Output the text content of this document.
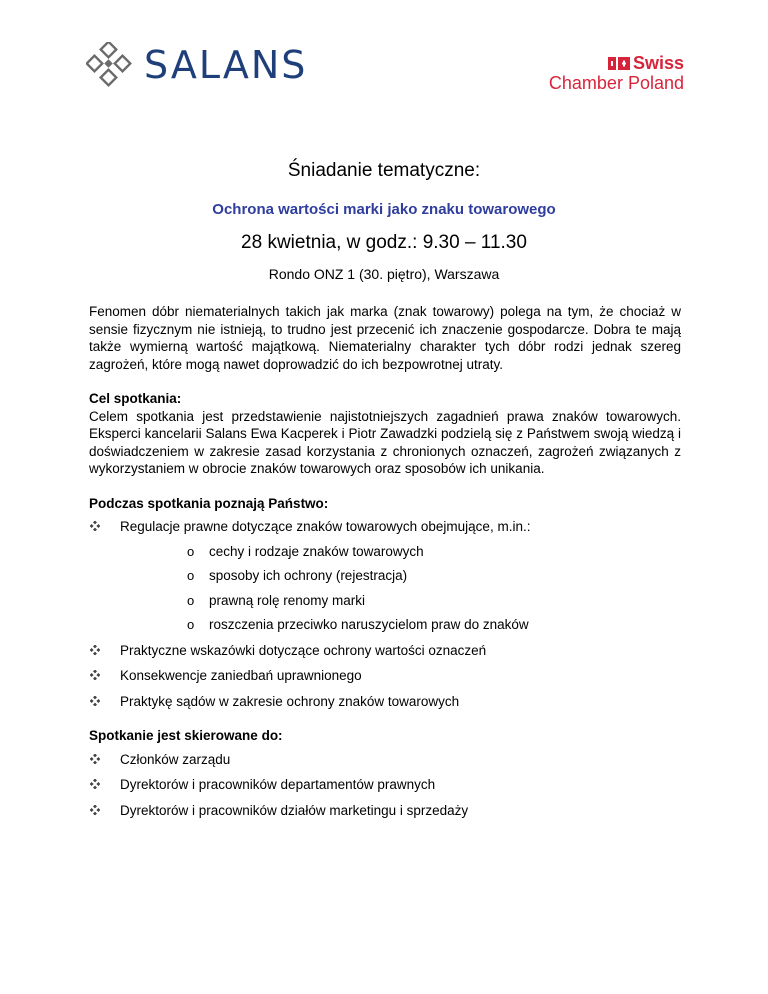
SALANS	Swiss
Chamber Poland
Śniadanie tematyczne:
Ochrona wartości marki jako znaku towarowego
28 kwietnia, w godz.: 9.30 – 11.30
Rondo ONZ 1 (30. piętro), Warszawa

Fenomen dóbr niematerialnych takich jak marka (znak towarowy) polega na tym, że chociaż w sensie fizycznym nie istnieją, to trudno jest przecenić ich znaczenie gospodarcze. Dobra te mają także wymierną wartość majątkową. Niematerialny charakter tych dóbr rodzi jednak szereg zagrożeń, które mogą nawet doprowadzić do ich bezpowrotnej utraty.

Cel spotkania:

Celem spotkania jest przedstawienie najistotniejszych zagadnień prawa znaków towarowych. Eksperci kancelarii Salans Ewa Kacperek i Piotr Zawadzki podzielą się z Państwem swoją wiedzą i doświadczeniem w zakresie zasad korzystania z chronionych oznaczeń, zagrożeń związanych z wykorzystaniem w obrocie znaków towarowych oraz sposobów ich unikania.

Podczas spotkania poznają Państwo:

Regulacje prawne dotyczące znaków towarowych obejmujące, m.in.:
o cechy i rodzaje znaków towarowych
o sposoby ich ochrony (rejestracja)
o prawną rolę renomy marki
o roszczenia przeciwko naruszycielom praw do znaków
Praktyczne wskazówki dotyczące ochrony wartości oznaczeń
Konsekwencje zaniedbań uprawnionego
Praktykę sądów w zakresie ochrony znaków towarowych

Spotkanie jest skierowane do:

Członków zarządu
Dyrektorów i pracowników departamentów prawnych
Dyrektorów i pracowników działów marketingu i sprzedaży
